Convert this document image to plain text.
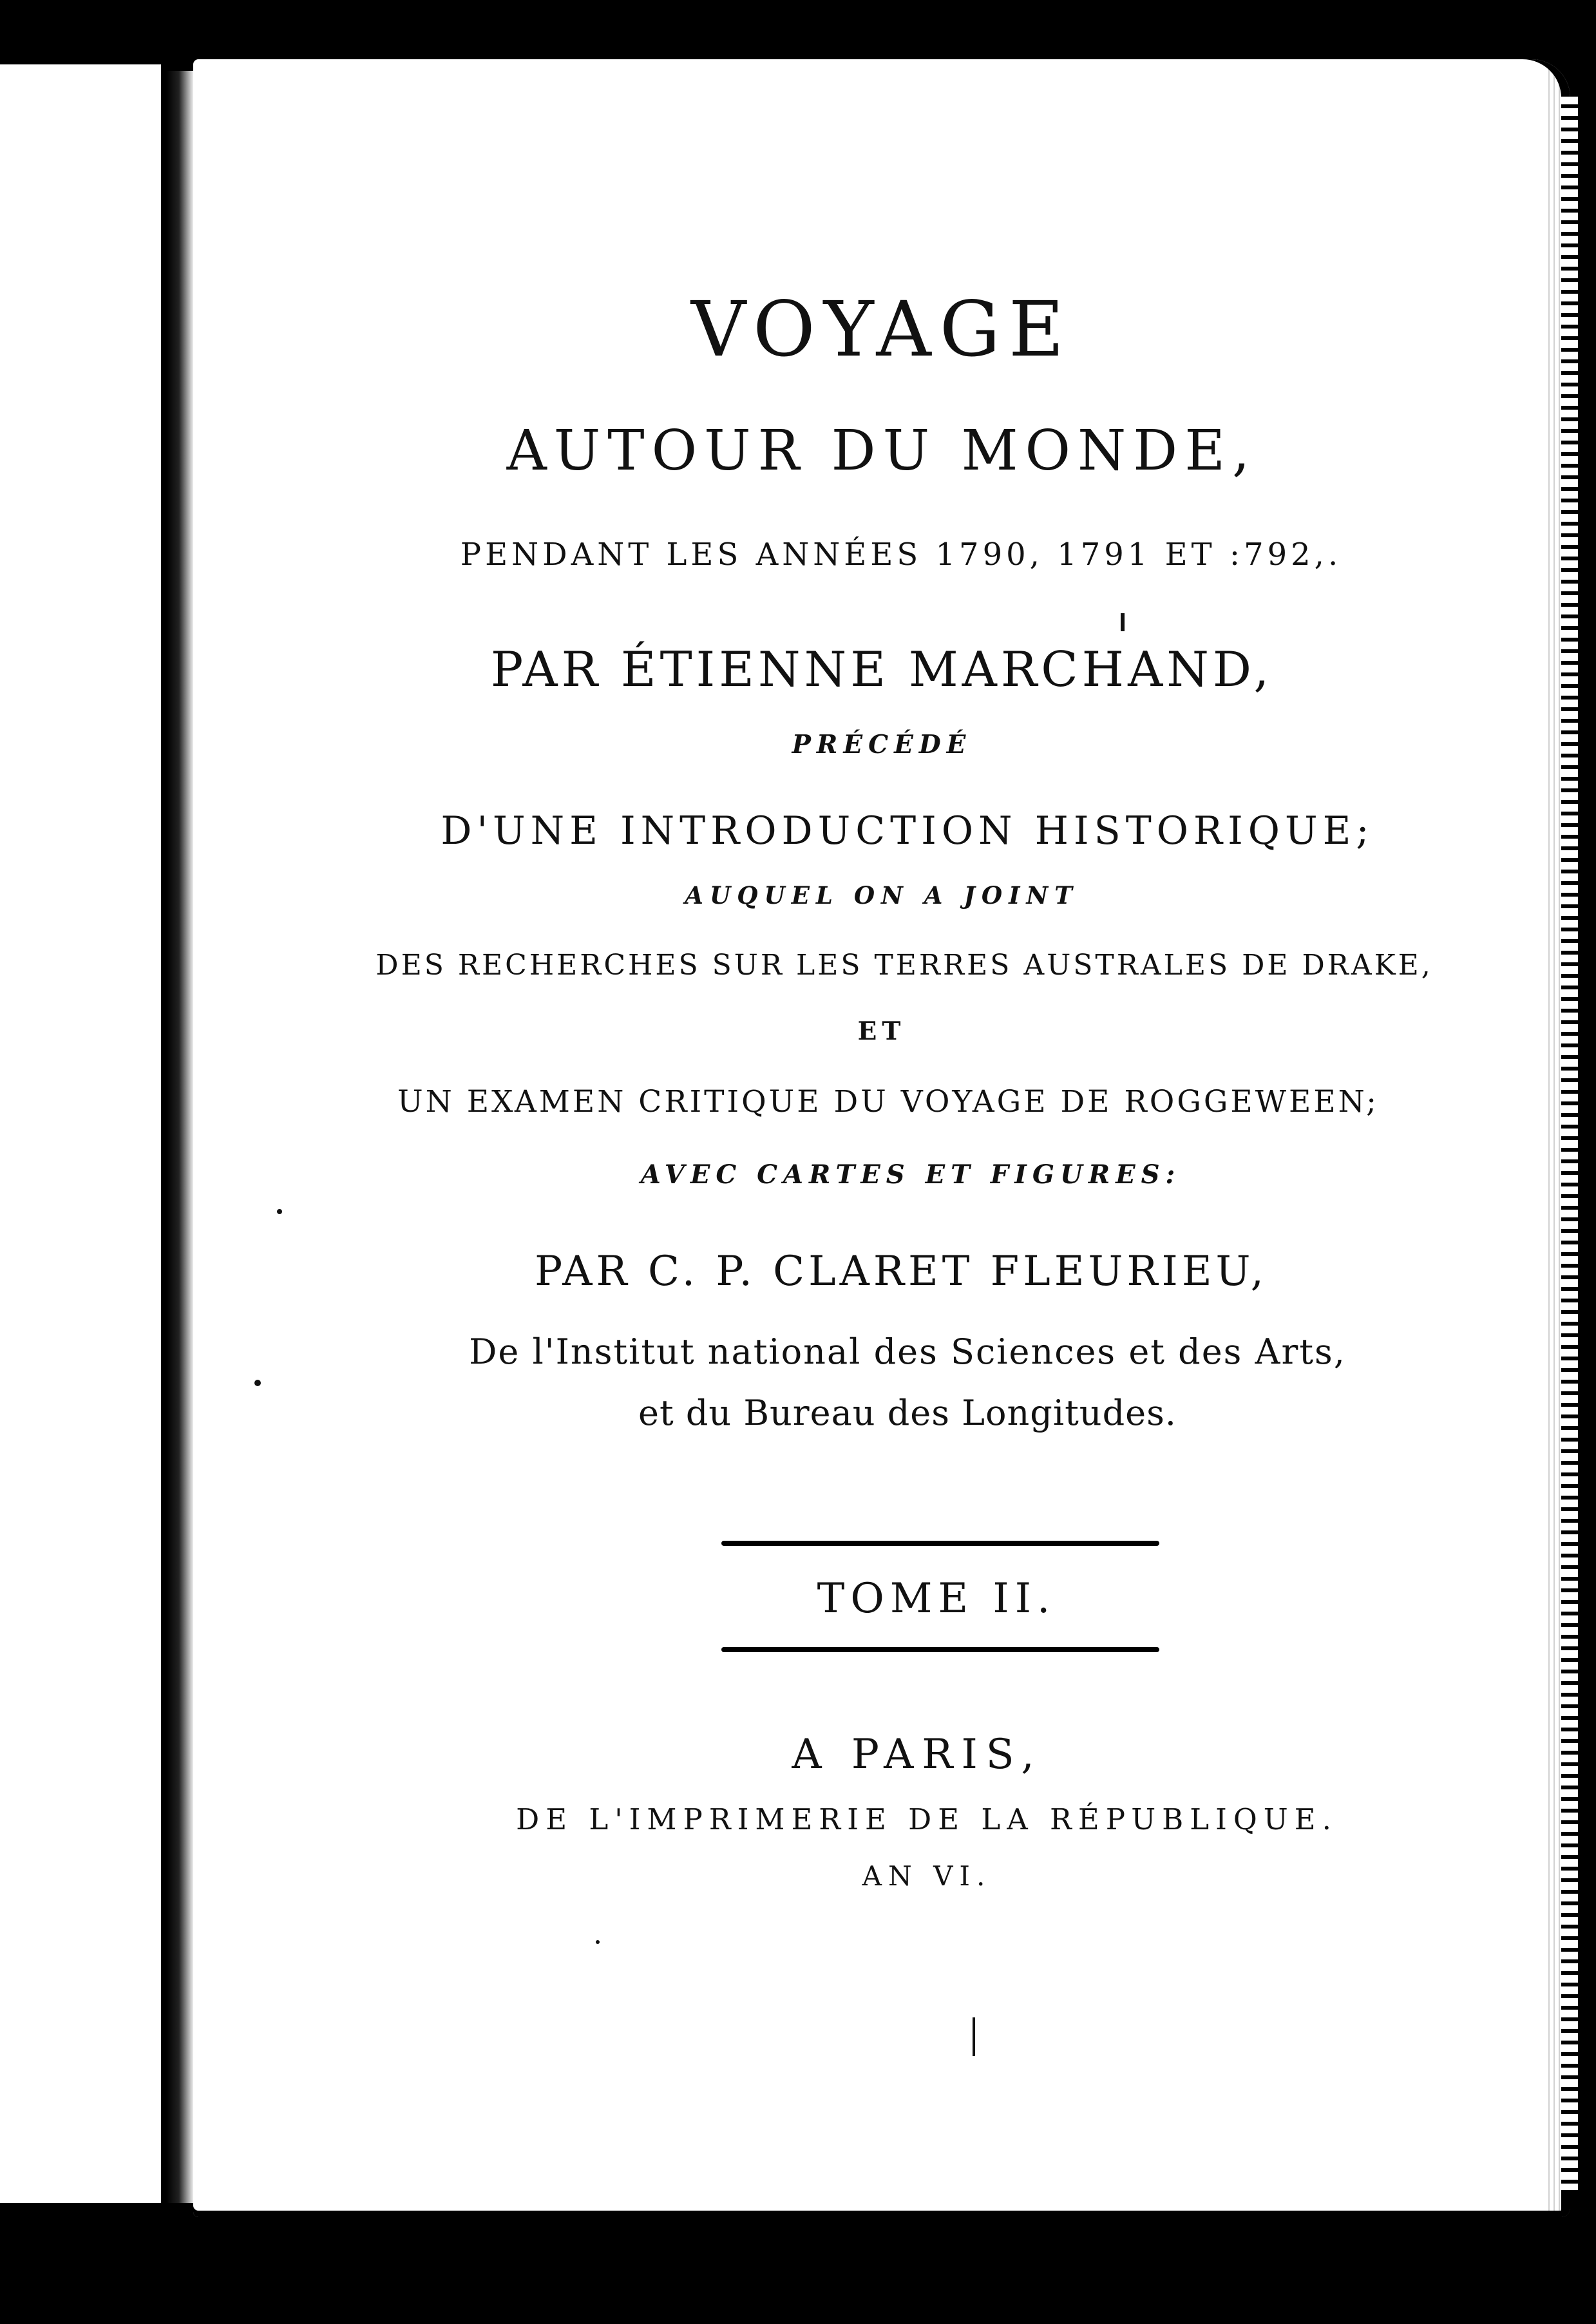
VOYAGE
AUTOUR DU MONDE,
PENDANT LES ANNÉES 1790, 1791 ET :792,.
PAR ÉTIENNE MARCHAND,
PRÉCÉDÉ
D'UNE INTRODUCTION HISTORIQUE;
AUQUEL ON A JOINT
DES RECHERCHES SUR LES TERRES AUSTRALES DE DRAKE,
ET
UN EXAMEN CRITIQUE DU VOYAGE DE ROGGEWEEN;
AVEC CARTES ET FIGURES:
PAR C. P. CLARET FLEURIEU,
De l'Institut national des Sciences et des Arts,
et du Bureau des Longitudes.
TOME II.
A PARIS,
DE L'IMPRIMERIE DE LA RÉPUBLIQUE.
AN VI.
